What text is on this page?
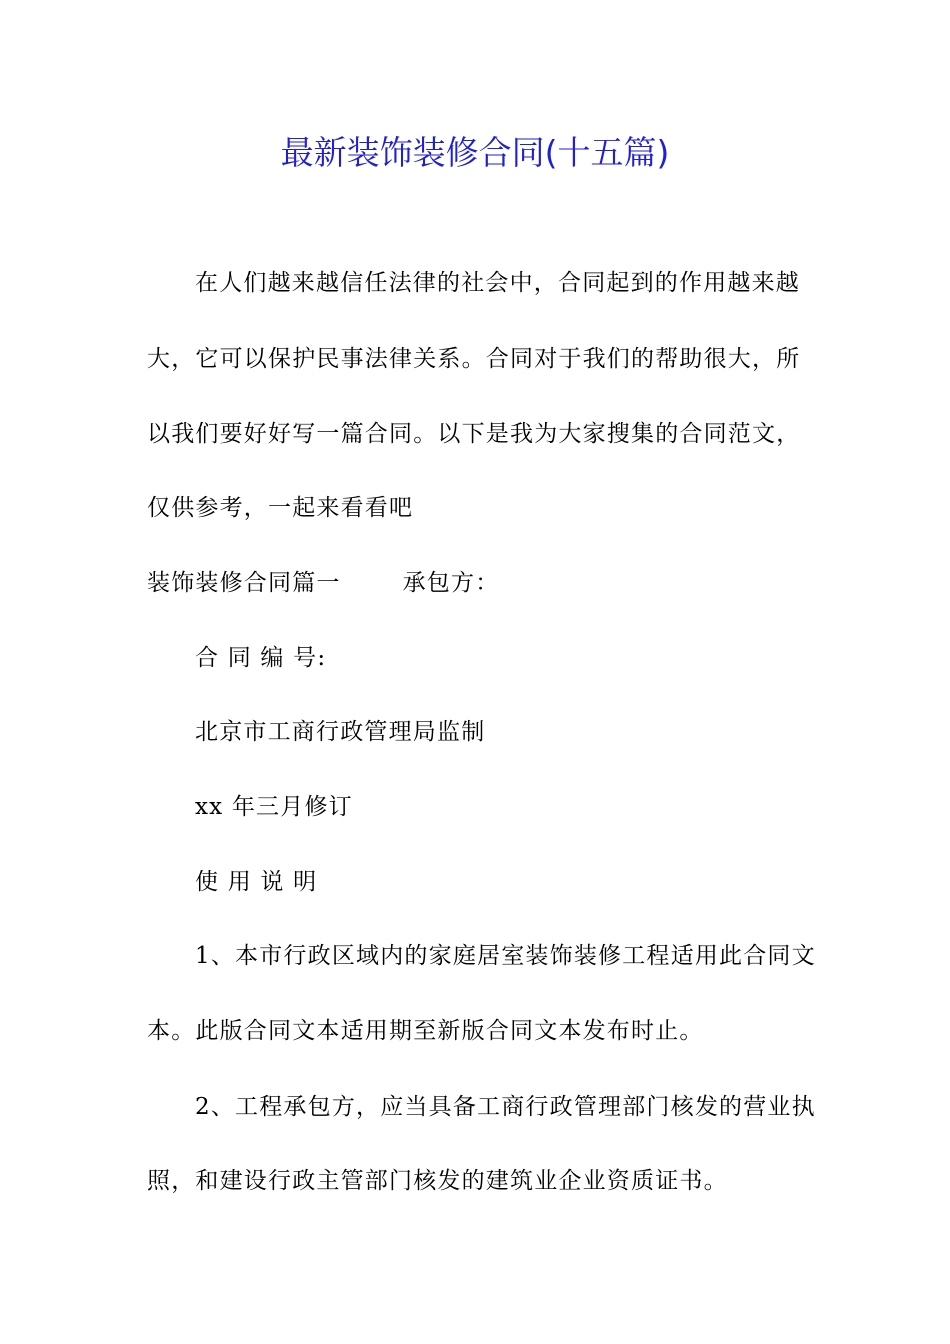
最新装饰装修合同(十五篇)
在人们越来越信任法律的社会中，合同起到的作用越来越
大，它可以保护民事法律关系。合同对于我们的帮助很大，所
以我们要好好写一篇合同。以下是我为大家搜集的合同范文，
仅供参考，一起来看看吧
装饰装修合同篇一	承包方：
合 同 编 号:
北京市工商行政管理局监制
xx 年三月修订
使 用 说 明
1、本市行政区域内的家庭居室装饰装修工程适用此合同文
本。此版合同文本适用期至新版合同文本发布时止。
2、工程承包方，应当具备工商行政管理部门核发的营业执
照，和建设行政主管部门核发的建筑业企业资质证书。
